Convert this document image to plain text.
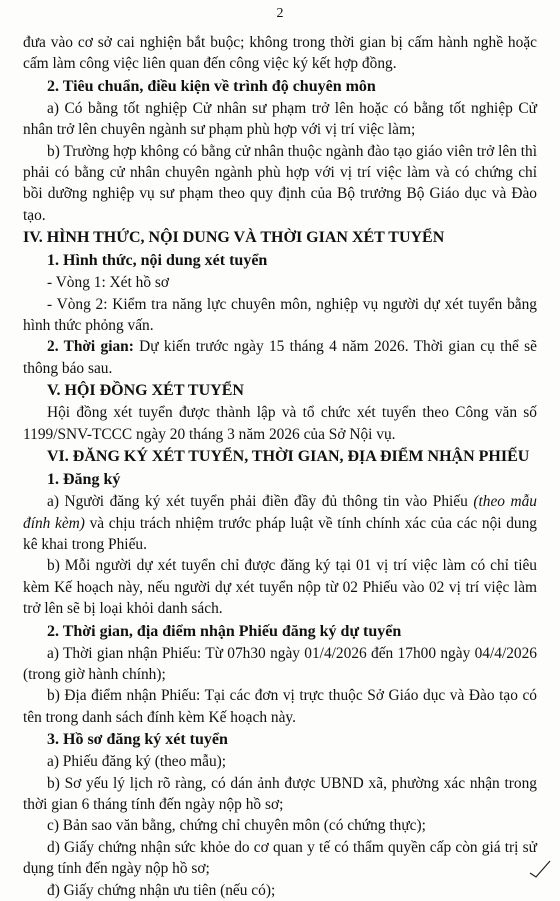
2

đưa vào cơ sở cai nghiện bắt buộc; không trong thời gian bị cấm hành nghề hoặc cấm làm công việc liên quan đến công việc ký kết hợp đồng.

2. Tiêu chuẩn, điều kiện về trình độ chuyên môn

a) Có bằng tốt nghiệp Cử nhân sư phạm trở lên hoặc có bằng tốt nghiệp Cử nhân trở lên chuyên ngành sư phạm phù hợp với vị trí việc làm;

b) Trường hợp không có bằng cử nhân thuộc ngành đào tạo giáo viên trở lên thì phải có bằng cử nhân chuyên ngành phù hợp với vị trí việc làm và có chứng chỉ bồi dưỡng nghiệp vụ sư phạm theo quy định của Bộ trưởng Bộ Giáo dục và Đào tạo.

IV. HÌNH THỨC, NỘI DUNG VÀ THỜI GIAN XÉT TUYỂN

1. Hình thức, nội dung xét tuyển

- Vòng 1: Xét hồ sơ

- Vòng 2: Kiểm tra năng lực chuyên môn, nghiệp vụ người dự xét tuyển bằng hình thức phỏng vấn.

2. Thời gian: Dự kiến trước ngày 15 tháng 4 năm 2026. Thời gian cụ thể sẽ thông báo sau.

V. HỘI ĐỒNG XÉT TUYỂN

Hội đồng xét tuyển được thành lập và tổ chức xét tuyển theo Công văn số 1199/SNV-TCCC ngày 20 tháng 3 năm 2026 của Sở Nội vụ.

VI. ĐĂNG KÝ XÉT TUYỂN, THỜI GIAN, ĐỊA ĐIỂM NHẬN PHIẾU

1. Đăng ký

a) Người đăng ký xét tuyển phải điền đầy đủ thông tin vào Phiếu (theo mẫu đính kèm) và chịu trách nhiệm trước pháp luật về tính chính xác của các nội dung kê khai trong Phiếu.

b) Mỗi người dự xét tuyển chỉ được đăng ký tại 01 vị trí việc làm có chỉ tiêu kèm Kế hoạch này, nếu người dự xét tuyển nộp từ 02 Phiếu vào 02 vị trí việc làm trở lên sẽ bị loại khỏi danh sách.

2. Thời gian, địa điểm nhận Phiếu đăng ký dự tuyển

a) Thời gian nhận Phiếu: Từ 07h30 ngày 01/4/2026 đến 17h00 ngày 04/4/2026 (trong giờ hành chính);

b) Địa điểm nhận Phiếu: Tại các đơn vị trực thuộc Sở Giáo dục và Đào tạo có tên trong danh sách đính kèm Kế hoạch này.

3. Hồ sơ đăng ký xét tuyển

a) Phiếu đăng ký (theo mẫu);

b) Sơ yếu lý lịch rõ ràng, có dán ảnh được UBND xã, phường xác nhận trong thời gian 6 tháng tính đến ngày nộp hồ sơ;

c) Bản sao văn bằng, chứng chỉ chuyên môn (có chứng thực);

d) Giấy chứng nhận sức khỏe do cơ quan y tế có thẩm quyền cấp còn giá trị sử dụng tính đến ngày nộp hồ sơ;

đ) Giấy chứng nhận ưu tiên (nếu có);
